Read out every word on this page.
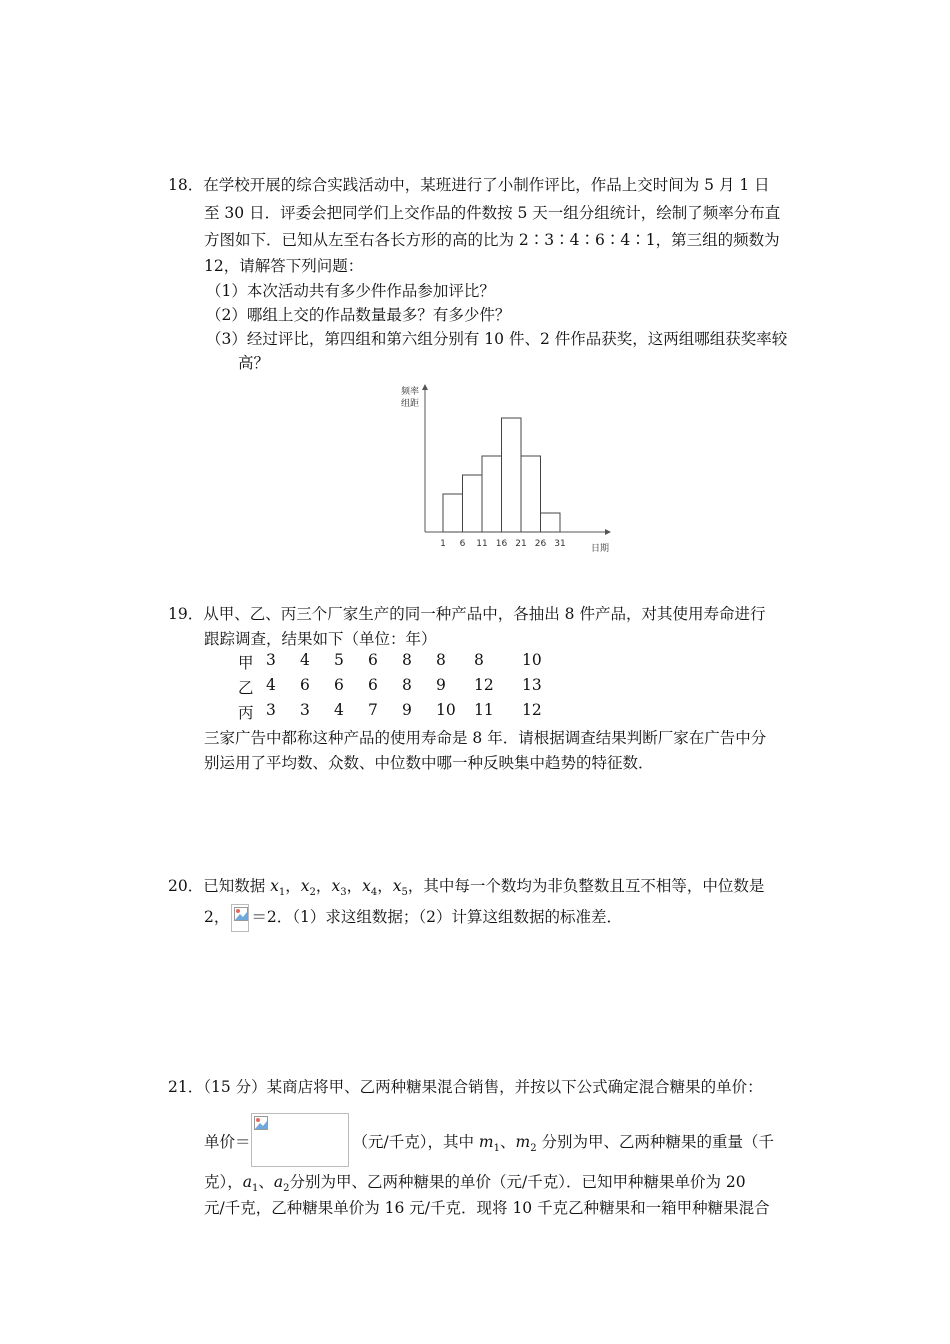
18．在学校开展的综合实践活动中，某班进行了小制作评比，作品上交时间为 5 月 1 日
至 30 日．评委会把同学们上交作品的件数按 5 天一组分组统计，绘制了频率分布直
方图如下．已知从左至右各长方形的高的比为 2∶3∶4∶6∶4∶1，第三组的频数为
12，请解答下列问题：
（1）本次活动共有多少件作品参加评比？
（2）哪组上交的作品数量最多？有多少件？
（3）经过评比，第四组和第六组分别有 10 件、2 件作品获奖，这两组哪组获奖率较
高？
1 6 11 16 21 26 31
频率
组距
日期
19．从甲、乙、丙三个厂家生产的同一种产品中，各抽出 8 件产品，对其使用寿命进行
跟踪调查，结果如下（单位：年）
甲 3 4 5 6 8 8 8 10
乙 4 6 6 6 8 9 12 13
丙 3 3 4 7 9 10 11 12
三家广告中都称这种产品的使用寿命是 8 年．请根据调查结果判断厂家在广告中分
别运用了平均数、众数、中位数中哪一种反映集中趋势的特征数．
20．已知数据 $x_1$，$x_2$，$x_3$，$x_4$，$x_5$，其中每一个数均为非负整数且互不相等，中位数是
2， ＝2．（1）求这组数据；（2）计算这组数据的标准差．
21．（15 分）某商店将甲、乙两种糖果混合销售，并按以下公式确定混合糖果的单价：
单价＝	（元/千克），其中 $m_1$、$m_2$ 分别为甲、乙两种糖果的重量（千
克），$a_1$、$a_2$分别为甲、乙两种糖果的单价（元/千克）．已知甲种糖果单价为 20
元/千克，乙种糖果单价为 16 元/千克．现将 10 千克乙种糖果和一箱甲种糖果混合
